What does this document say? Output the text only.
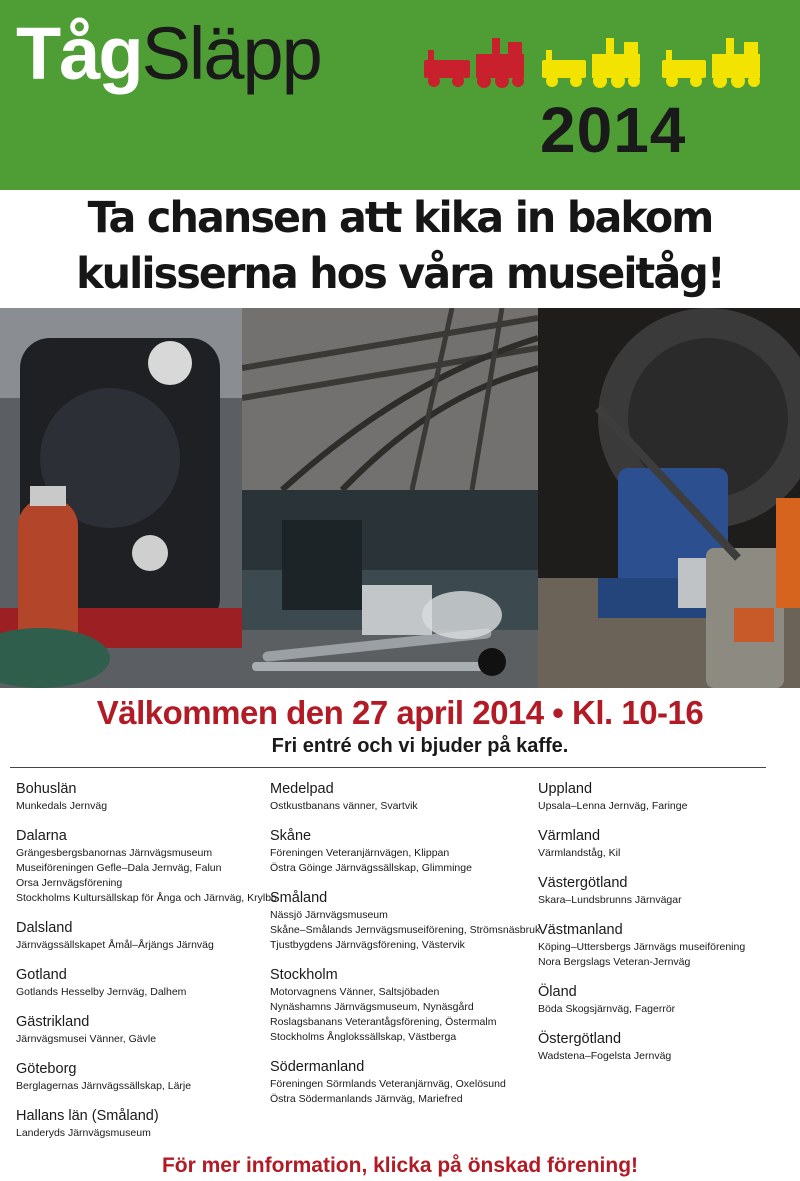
TågSläpp
2014
Ta chansen att kika in bakom
kulisserna hos våra museitåg!
Välkommen den 27 april 2014 • Kl. 10-16
Fri entré och vi bjuder på kaffe.
Bohuslän
Munkedals Jernväg
Dalarna
Grängesbergsbanornas Järnvägsmuseum
Museiföreningen Gefle–Dala Jernväg, Falun
Orsa Jernvägsförening
Stockholms Kultursällskap för Ånga och Järnväg, Krylbo
Dalsland
Järnvägssällskapet Åmål–Årjängs Järnväg
Gotland
Gotlands Hesselby Jernväg, Dalhem
Gästrikland
Järnvägsmusei Vänner, Gävle
Göteborg
Berglagernas Järnvägssällskap, Lärje
Hallans län (Småland)
Landeryds Järnvägsmuseum
Medelpad
Ostkustbanans vänner, Svartvik
Skåne
Föreningen Veteranjärnvägen, Klippan
Östra Göinge Järnvägssällskap, Glimminge
Småland
Nässjö Järnvägsmuseum
Skåne–Smålands Jernvägsmuseiförening, Strömsnäsbruk
Tjustbygdens Järnvägsförening, Västervik
Stockholm
Motorvagnens Vänner, Saltsjöbaden
Nynäshamns Järnvägsmuseum, Nynäsgård
Roslagsbanans Veterantågsförening, Östermalm
Stockholms Ånglokssällskap, Västberga
Södermanland
Föreningen Sörmlands Veteranjärnväg, Oxelösund
Östra Södermanlands Järnväg, Mariefred
Uppland
Upsala–Lenna Jernväg, Faringe
Värmland
Värmlandståg, Kil
Västergötland
Skara–Lundsbrunns Järnvägar
Västmanland
Köping–Uttersbergs Järnvägs museiförening
Nora Bergslags Veteran-Jernväg
Öland
Böda Skogsjärnväg, Fagerrör
Östergötland
Wadstena–Fogelsta Jernväg
För mer information, klicka på önskad förening!
